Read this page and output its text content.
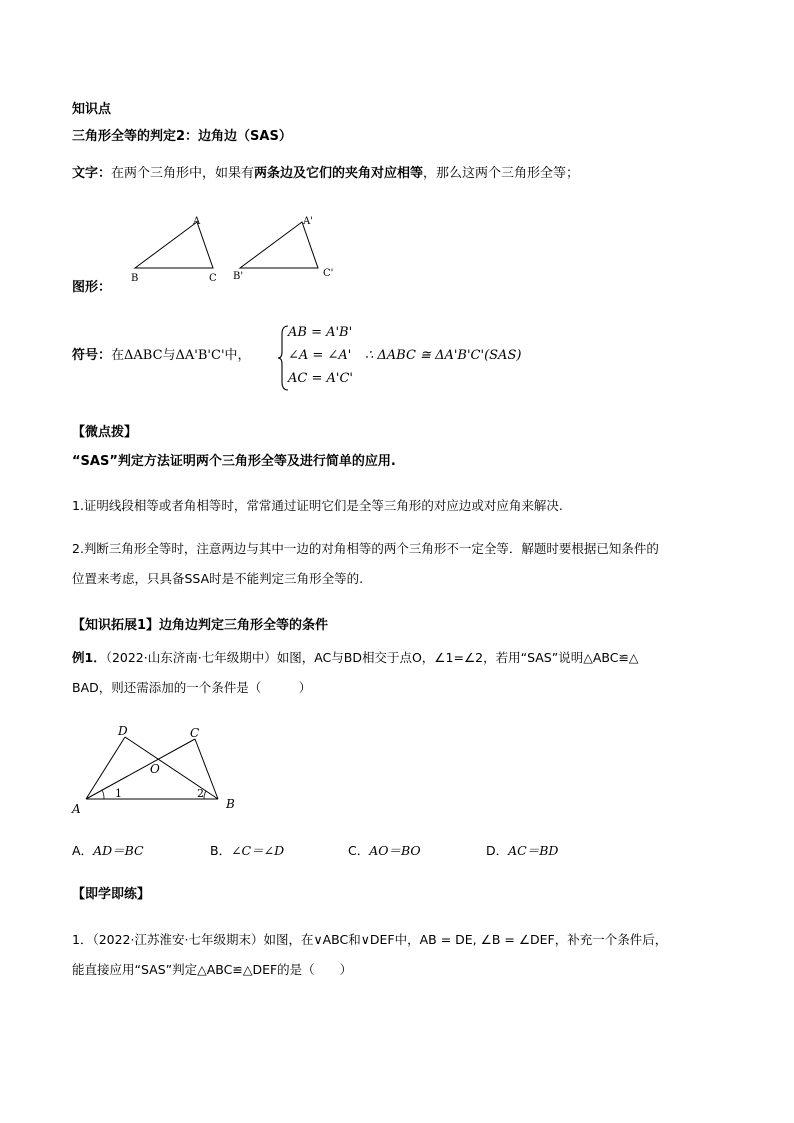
知识点
三角形全等的判定2：边角边（SAS）
文字：在两个三角形中，如果有两条边及它们的夹角对应相等，那么这两个三角形全等；
A
B	C
A'
B'	C'
图形：
符号：在ΔABC与ΔA'B'C'中，
AB = A'B'
∠A = ∠A'
AC = A'C'
∴ ΔABC ≅ ΔA'B'C'(SAS)
【微点拨】
“SAS”判定方法证明两个三角形全等及进行简单的应用.
1.证明线段相等或者角相等时，常常通过证明它们是全等三角形的对应边或对应角来解决.
2.判断三角形全等时，注意两边与其中一边的对角相等的两个三角形不一定全等．解题时要根据已知条件的
位置来考虑，只具备SSA时是不能判定三角形全等的.
【知识拓展1】边角边判定三角形全等的条件
例1．（2022·山东济南·七年级期中）如图，AC与BD相交于点O，∠1=∠2，若用“SAS”说明△ABC≌△
BAD，则还需添加的一个条件是（　　　）
D	C
O
A	B
1	2
A．AD＝BC	B．∠C＝∠D	C．AO＝BO	D．AC＝BD
【即学即练】
1．（2022·江苏淮安·七年级期末）如图，在∨ABC和∨DEF中，AB = DE, ∠B = ∠DEF，补充一个条件后，
能直接应用“SAS”判定△ABC≌△DEF的是（　　）
